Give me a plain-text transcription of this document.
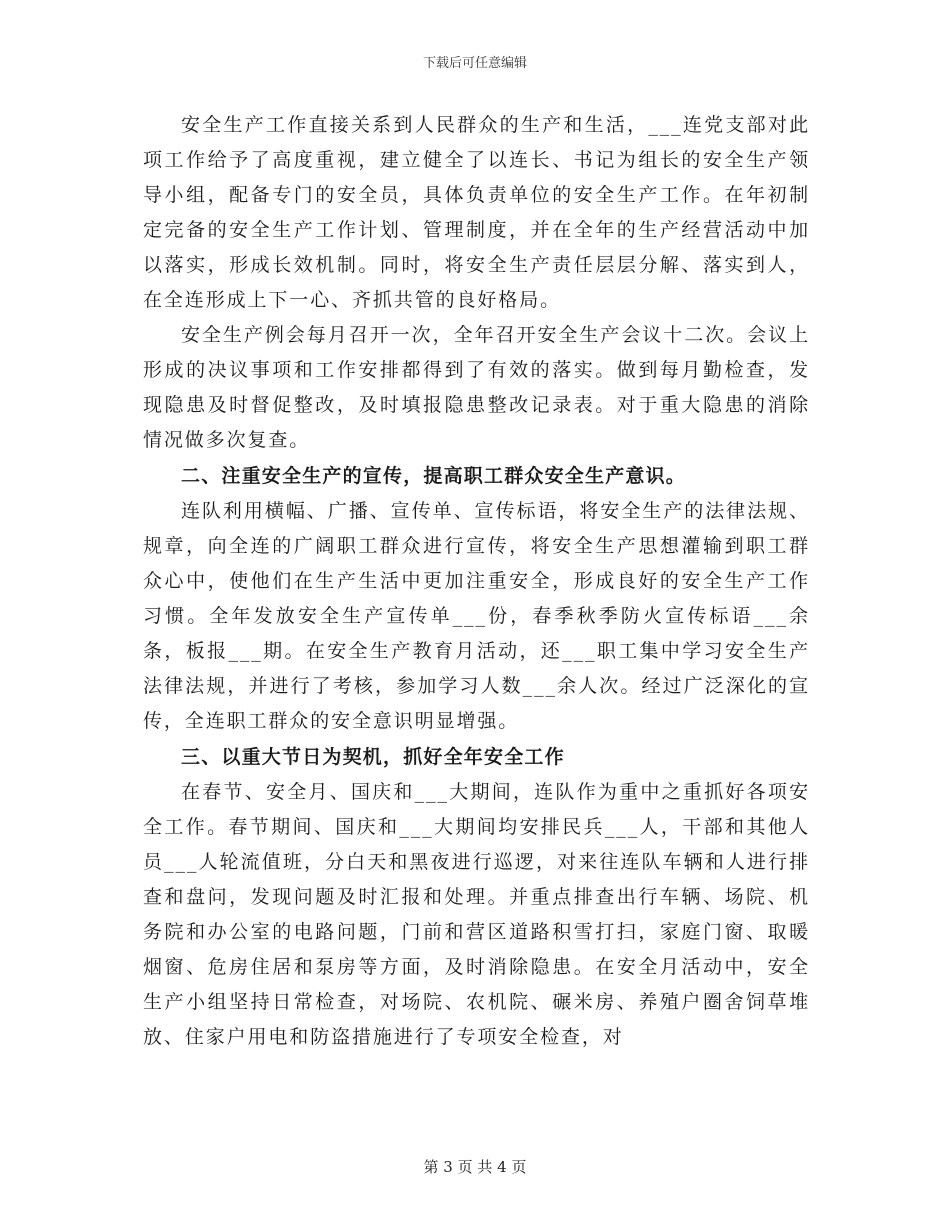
下载后可任意编辑

安全生产工作直接关系到人民群众的生产和生活，___连党支部对此项工作给予了高度重视，建立健全了以连长、书记为组长的安全生产领导小组，配备专门的安全员，具体负责单位的安全生产工作。在年初制定完备的安全生产工作计划、管理制度，并在全年的生产经营活动中加以落实，形成长效机制。同时，将安全生产责任层层分解、落实到人，在全连形成上下一心、齐抓共管的良好格局。

安全生产例会每月召开一次，全年召开安全生产会议十二次。会议上形成的决议事项和工作安排都得到了有效的落实。做到每月勤检查，发现隐患及时督促整改，及时填报隐患整改记录表。对于重大隐患的消除情况做多次复查。

二、注重安全生产的宣传，提高职工群众安全生产意识。

连队利用横幅、广播、宣传单、宣传标语，将安全生产的法律法规、规章，向全连的广阔职工群众进行宣传，将安全生产思想灌输到职工群众心中，使他们在生产生活中更加注重安全，形成良好的安全生产工作习惯。全年发放安全生产宣传单___份，春季秋季防火宣传标语___余条，板报___期。在安全生产教育月活动，还___职工集中学习安全生产法律法规，并进行了考核，参加学习人数___余人次。经过广泛深化的宣传，全连职工群众的安全意识明显增强。

三、以重大节日为契机，抓好全年安全工作

在春节、安全月、国庆和___大期间，连队作为重中之重抓好各项安全工作。春节期间、国庆和___大期间均安排民兵___人，干部和其他人员___人轮流值班，分白天和黑夜进行巡逻，对来往连队车辆和人进行排查和盘问，发现问题及时汇报和处理。并重点排查出行车辆、场院、机务院和办公室的电路问题，门前和营区道路积雪打扫，家庭门窗、取暖烟窗、危房住居和泵房等方面，及时消除隐患。在安全月活动中，安全生产小组坚持日常检查，对场院、农机院、碾米房、养殖户圈舍饲草堆放、住家户用电和防盗措施进行了专项安全检查，对

第 3 页 共 4 页
